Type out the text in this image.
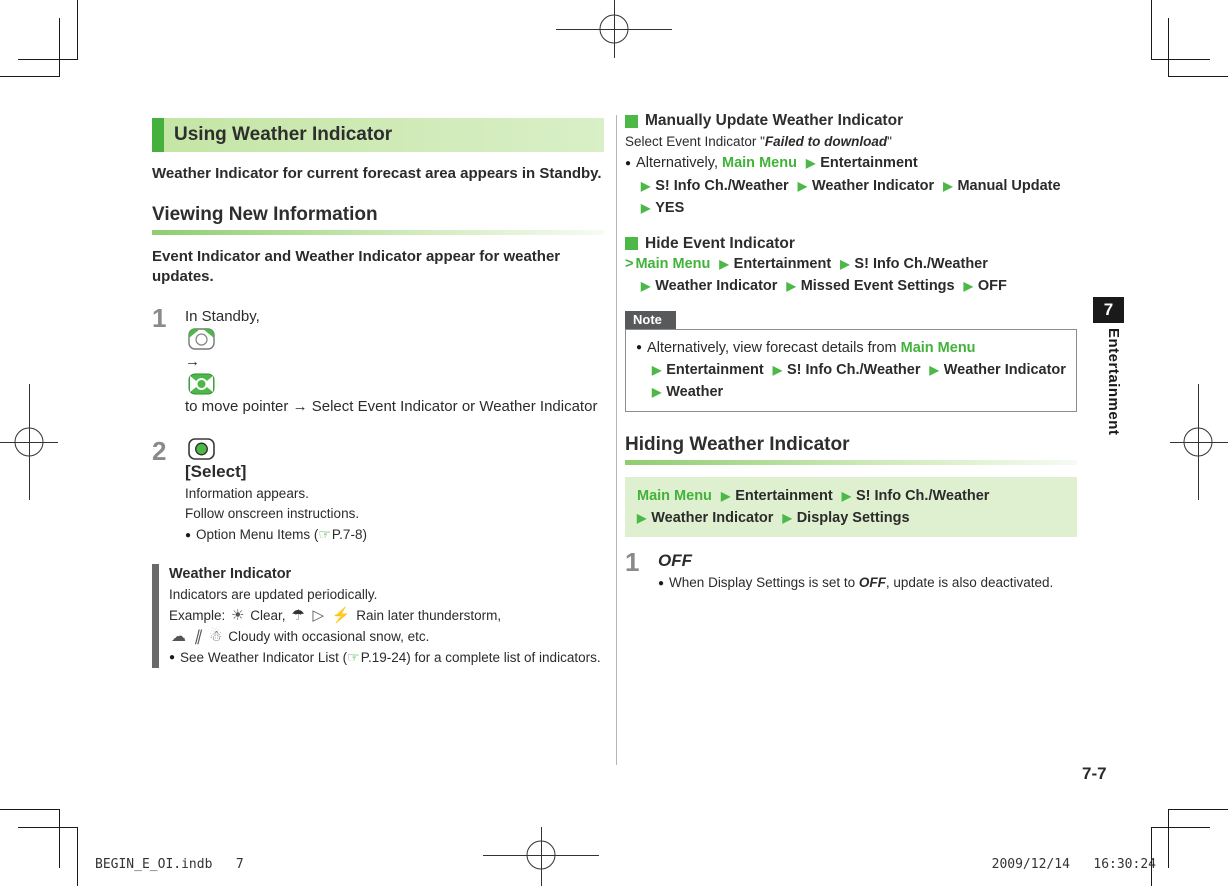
Using Weather Indicator
Weather Indicator for current forecast area appears in Standby.
Viewing New Information
Event Indicator and Weather Indicator appear for weather updates.
1	In Standby,
→
to move pointer → Select Event Indicator or Weather Indicator
2
[Select]
Information appears.
Follow onscreen instructions.
● Option Menu Items (☞P.7-8)
Weather Indicator
Indicators are updated periodically.
Example: ☀ Clear, ☂ ▷ ⚡ Rain later thunderstorm,
☁ ∥ ☃ Cloudy with occasional snow, etc.
● See Weather Indicator List (☞P.19-24) for a complete list of indicators.
Manually Update Weather Indicator
Select Event Indicator "Failed to download"
● Alternatively, Main Menu ▶ Entertainment
▶ S! Info Ch./Weather ▶ Weather Indicator ▶ Manual Update
▶ YES
Hide Event Indicator
> Main Menu ▶ Entertainment ▶ S! Info Ch./Weather
▶ Weather Indicator ▶ Missed Event Settings ▶ OFF
Note
● Alternatively, view forecast details from Main Menu
▶ Entertainment ▶ S! Info Ch./Weather ▶ Weather Indicator
▶ Weather
Hiding Weather Indicator
Main Menu ▶ Entertainment ▶ S! Info Ch./Weather
▶ Weather Indicator ▶ Display Settings
1	OFF
● When Display Settings is set to OFF, update is also deactivated.
7
Entertainment
7-7
BEGIN_E_OI.indb   7	2009/12/14   16:30:24
